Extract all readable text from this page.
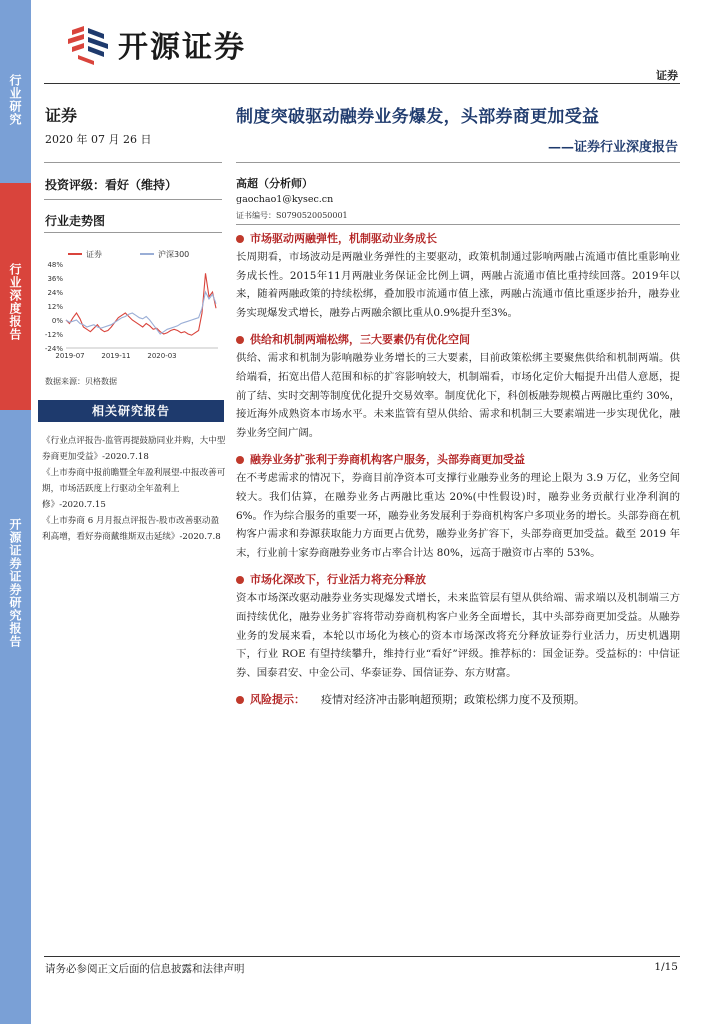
行业研究
行业深度报告
开源证券证券研究报告
开源证券
证券
证券
2020 年 07 月 26 日
制度突破驱动融券业务爆发，头部券商更加受益
——证券行业深度报告
投资评级：看好（维持）
行业走势图
证券	沪深300
48%
36%
24%
12%
0%
-12%
-24%
2019-07 2019-11 2020-03
数据来源：贝格数据
相关研究报告

《行业点评报告-监管再提鼓励同业并购，大中型券商更加受益》-2020.7.18

《上市券商中报前瞻暨全年盈利展望-中报改善可期，市场活跃度上行驱动全年盈利上修》-2020.7.15

《上市券商 6 月月报点评报告-股市改善驱动盈利高增，看好券商戴维斯双击延续》-2020.7.8

高超（分析师）
gaochao1@kysec.cn
证书编号：S0790520050001
市场驱动两融弹性，机制驱动业务成长
长周期看，市场波动是两融业务弹性的主要驱动，政策机制通过影响两融占流通市值比重影响业务成长性。2015年11月两融业务保证金比例上调，两融占流通市值比重持续回落。2019年以来，随着两融政策的持续松绑，叠加股市流通市值上涨，两融占流通市值比重逐步抬升，融券业务实现爆发式增长，融券占两融余额比重从0.9%提升至3%。
供给和机制两端松绑，三大要素仍有优化空间
供给、需求和机制为影响融券业务增长的三大要素，目前政策松绑主要聚焦供给和机制两端。供给端看，拓宽出借人范围和标的扩容影响较大，机制端看，市场化定价大幅提升出借人意愿，提前了结、实时交割等制度优化提升交易效率。制度优化下，科创板融券规模占两融比重约 30%，接近海外成熟资本市场水平。未来监管有望从供给、需求和机制三大要素端进一步实现优化，融券业务空间广阔。
融券业务扩张利于券商机构客户服务，头部券商更加受益
在不考虑需求的情况下，券商目前净资本可支撑行业融券业务的理论上限为 3.9 万亿，业务空间较大。我们估算，在融券业务占两融比重达 20%(中性假设)时，融券业务贡献行业净利润的 6%。作为综合服务的重要一环，融券业务发展利于券商机构客户多项业务的增长。头部券商在机构客户需求和券源获取能力方面更占优势，融券业务扩容下，头部券商更加受益。截至 2019 年末，行业前十家券商融券业务市占率合计达 80%，远高于融资市占率的 53%。
市场化深改下，行业活力将充分释放
资本市场深改驱动融券业务实现爆发式增长，未来监管层有望从供给端、需求端以及机制端三方面持续优化，融券业务扩容将带动券商机构客户业务全面增长，其中头部券商更加受益。从融券业务的发展来看，本轮以市场化为核心的资本市场深改将充分释放证券行业活力，历史机遇期下，行业 ROE 有望持续攀升，维持行业“看好”评级。推荐标的：国金证券。受益标的：中信证券、国泰君安、中金公司、华泰证券、国信证券、东方财富。
风险提示： 疫情对经济冲击影响超预期；政策松绑力度不及预期。
请务必参阅正文后面的信息披露和法律声明	1/15
